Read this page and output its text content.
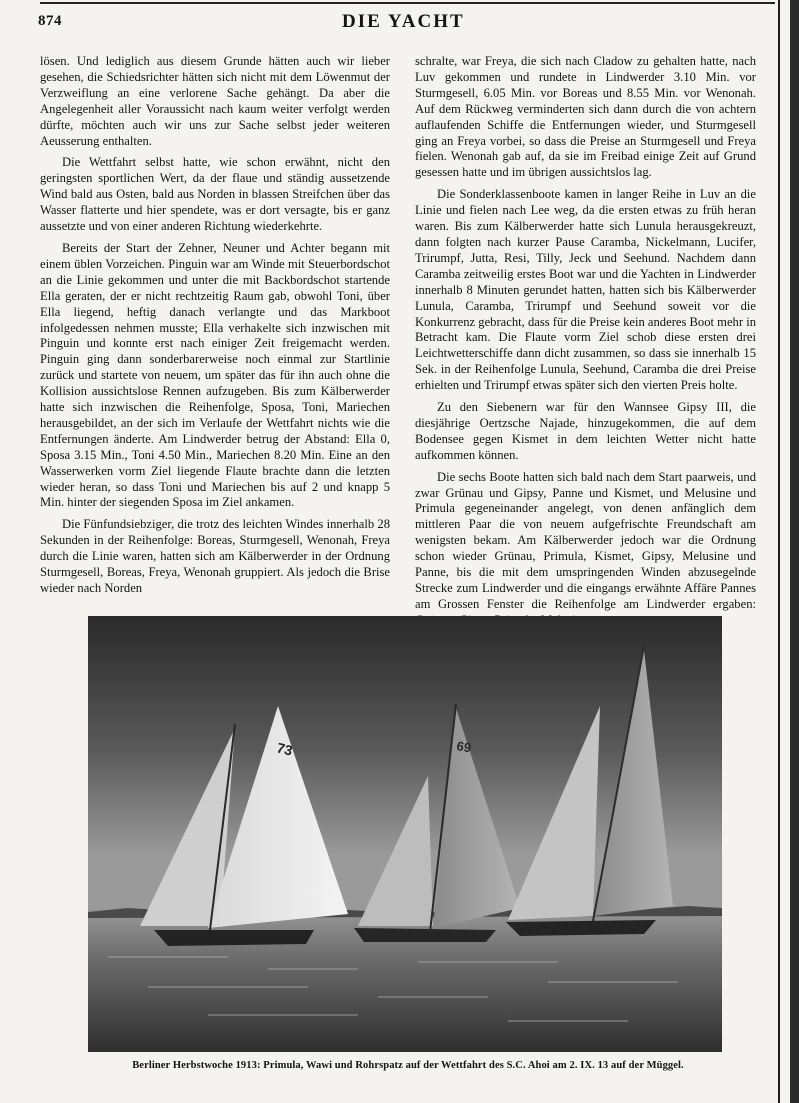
874	DIE YACHT

lösen. Und lediglich aus diesem Grunde hätten auch wir lieber gesehen, die Schiedsrichter hätten sich nicht mit dem Löwenmut der Verzweiflung an eine verlorene Sache gehängt. Da aber die Angelegenheit aller Voraussicht nach kaum weiter verfolgt werden dürfte, möchten auch wir uns zur Sache selbst jeder weiteren Aeusserung enthalten.

Die Wettfahrt selbst hatte, wie schon erwähnt, nicht den geringsten sportlichen Wert, da der flaue und ständig aussetzende Wind bald aus Osten, bald aus Norden in blassen Streifchen über das Wasser flatterte und hier spendete, was er dort versagte, bis er ganz aussetzte und von einer anderen Richtung wiederkehrte.

Bereits der Start der Zehner, Neuner und Achter begann mit einem üblen Vorzeichen. Pinguin war am Winde mit Steuerbordschot an die Linie gekommen und unter die mit Backbordschot startende Ella geraten, der er nicht rechtzeitig Raum gab, obwohl Toni, über Ella liegend, heftig danach verlangte und das Markboot infolgedessen nehmen musste; Ella verhakelte sich inzwischen mit Pinguin und konnte erst nach einiger Zeit freigemacht werden. Pinguin ging dann sonderbarerweise noch einmal zur Startlinie zurück und startete von neuem, um später das für ihn auch ohne die Kollision aussichtslose Rennen aufzugeben. Bis zum Kälberwerder hatte sich inzwischen die Reihenfolge, Sposa, Toni, Mariechen herausgebildet, an der sich im Verlaufe der Wettfahrt nichts wie die Entfernungen änderte. Am Lindwerder betrug der Abstand: Ella 0, Sposa 3.15 Min., Toni 4.50 Min., Mariechen 8.20 Min. Eine an den Wasserwerken vorm Ziel liegende Flaute brachte dann die letzten wieder heran, so dass Toni und Mariechen bis auf 2 und knapp 5 Min. hinter der siegenden Sposa im Ziel ankamen.

Die Fünfundsiebziger, die trotz des leichten Windes innerhalb 28 Sekunden in der Reihenfolge: Boreas, Sturmgesell, Wenonah, Freya durch die Linie waren, hatten sich am Kälberwerder in der Ordnung Sturmgesell, Boreas, Freya, Wenonah gruppiert. Als jedoch die Brise wieder nach Norden

schralte, war Freya, die sich nach Cladow zu gehalten hatte, nach Luv gekommen und rundete in Lindwerder 3.10 Min. vor Sturmgesell, 6.05 Min. vor Boreas und 8.55 Min. vor Wenonah. Auf dem Rückweg verminderten sich dann durch die von achtern auflaufenden Schiffe die Entfernungen wieder, und Sturmgesell ging an Freya vorbei, so dass die Preise an Sturmgesell und Freya fielen. Wenonah gab auf, da sie im Freibad einige Zeit auf Grund gesessen hatte und im übrigen aussichtslos lag.

Die Sonderklassenboote kamen in langer Reihe in Luv an die Linie und fielen nach Lee weg, da die ersten etwas zu früh heran waren. Bis zum Kälberwerder hatte sich Lunula herausgekreuzt, dann folgten nach kurzer Pause Caramba, Nickelmann, Lucifer, Trirumpf, Jutta, Resi, Tilly, Jeck und Seehund. Nachdem dann Caramba zeitweilig erstes Boot war und die Yachten in Lindwerder innerhalb 8 Minuten gerundet hatten, hatten sich bis Kälberwerder Lunula, Caramba, Trirumpf und Seehund soweit vor die Konkurrenz gebracht, dass für die Preise kein anderes Boot mehr in Betracht kam. Die Flaute vorm Ziel schob diese ersten drei Leichtwetterschiffe dann dicht zusammen, so dass sie innerhalb 15 Sek. in der Reihenfolge Lunula, Seehund, Caramba die drei Preise erhielten und Trirumpf etwas später sich den vierten Preis holte.

Zu den Siebenern war für den Wannsee Gipsy III, die diesjährige Oertzsche Najade, hinzugekommen, die auf dem Bodensee gegen Kismet in dem leichten Wetter nicht hatte aufkommen können.

Die sechs Boote hatten sich bald nach dem Start paarweis, und zwar Grünau und Gipsy, Panne und Kismet, und Melusine und Primula gegeneinander angelegt, von denen anfänglich dem mittleren Paar die von neuem aufgefrischte Freundschaft am wenigsten bekam. Am Kälberwerder jedoch war die Ordnung schon wieder Grünau, Primula, Kismet, Gipsy, Melusine und Panne, bis die mit dem umspringenden Winden abzusegelnde Strecke zum Lindwerder und die eingangs erwähnte Affäre Pannes am Grossen Fenster die Reihenfolge am Lindwerder ergaben:

73	69
Berliner Herbstwoche 1913: Primula, Wawi und Rohrspatz auf der Wettfahrt des S.C. Ahoi am 2. IX. 13 auf der Müggel.
